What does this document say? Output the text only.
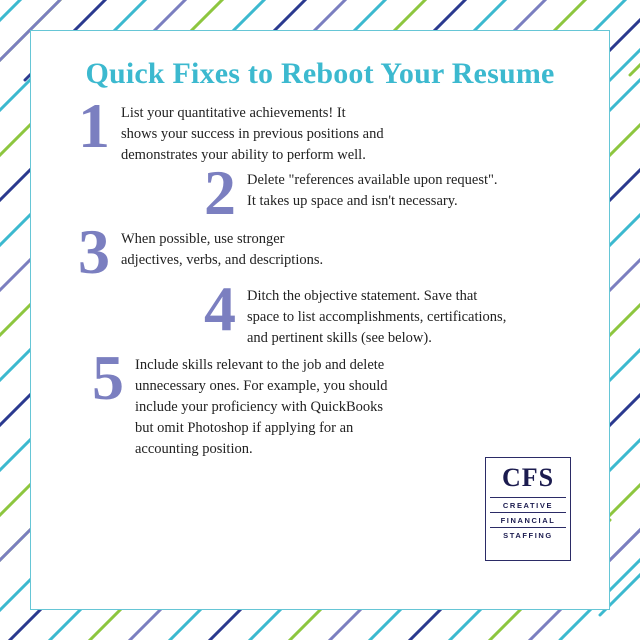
Quick Fixes to Reboot Your Resume
1 List your quantitative achievements! It
shows your success in previous positions and
demonstrates your ability to perform well.
2 Delete "references available upon request".
It takes up space and isn't necessary.
3 When possible, use stronger
adjectives, verbs, and descriptions.
4 Ditch the objective statement. Save that
space to list accomplishments, certifications,
and pertinent skills (see below).
5 Include skills relevant to the job and delete
unnecessary ones. For example, you should
include your proficiency with QuickBooks
but omit Photoshop if applying for an
accounting position.
CFS
CREATIVE
FINANCIAL
STAFFING
